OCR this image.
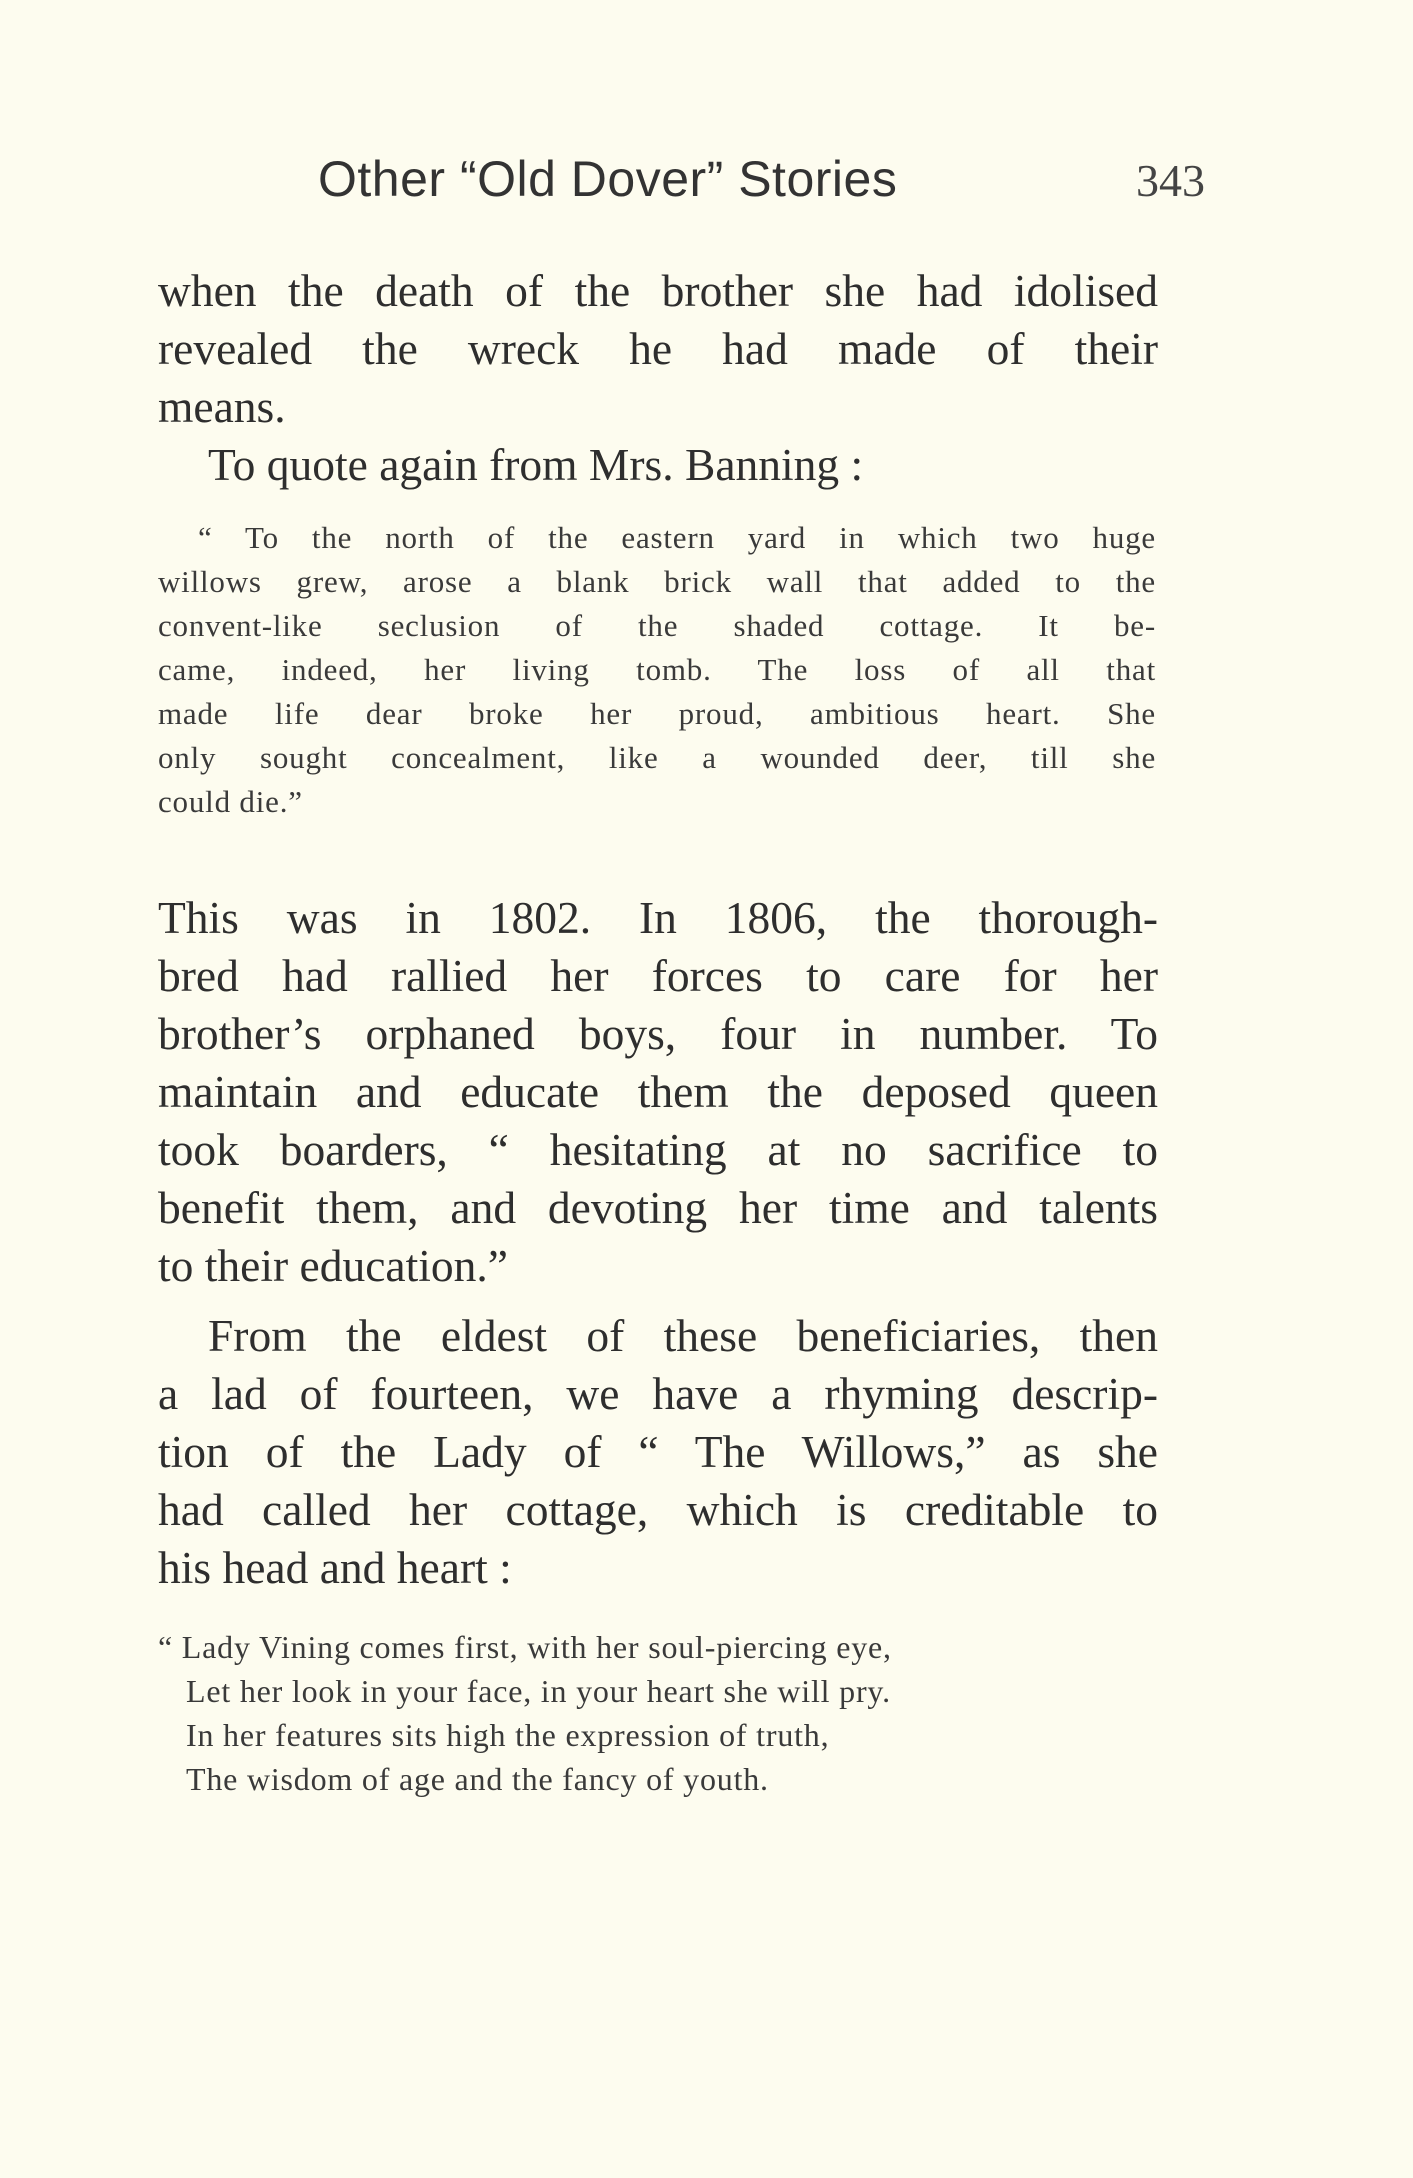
Other “Old Dover” Stories	343
when the death of the brother she had idolised
revealed the wreck he had made of their
means.
To quote again from Mrs. Banning :
“ To the north of the eastern yard in which two huge
willows grew, arose a blank brick wall that added to the
convent-like seclusion of the shaded cottage. It be-
came, indeed, her living tomb. The loss of all that
made life dear broke her proud, ambitious heart. She
only sought concealment, like a wounded deer, till she
could die.”
This was in 1802. In 1806, the thorough-
bred had rallied her forces to care for her
brother’s orphaned boys, four in number. To
maintain and educate them the deposed queen
took boarders, “ hesitating at no sacrifice to
benefit them, and devoting her time and talents
to their education.”
From the eldest of these beneficiaries, then
a lad of fourteen, we have a rhyming descrip-
tion of the Lady of “ The Willows,” as she
had called her cottage, which is creditable to
his head and heart :
“ Lady Vining comes first, with her soul-piercing eye,
Let her look in your face, in your heart she will pry.
In her features sits high the expression of truth,
The wisdom of age and the fancy of youth.
